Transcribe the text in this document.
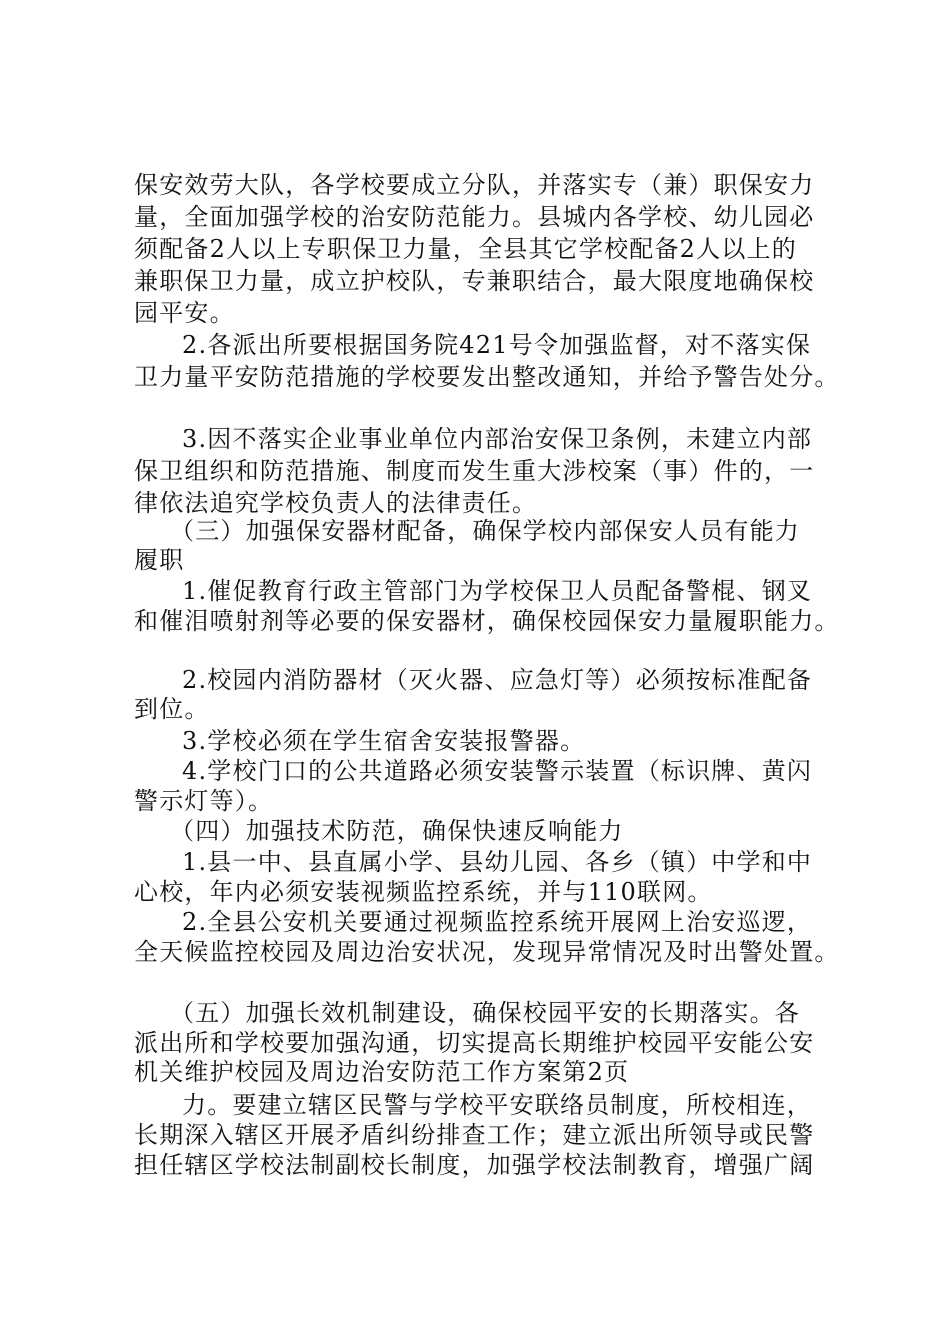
保安效劳大队，各学校要成立分队，并落实专（兼）职保安力
量，全面加强学校的治安防范能力。县城内各学校、幼儿园必
须配备2人以上专职保卫力量，全县其它学校配备2人以上的
兼职保卫力量，成立护校队，专兼职结合，最大限度地确保校
园平安。
2.各派出所要根据国务院421号令加强监督，对不落实保
卫力量平安防范措施的学校要发出整改通知，并给予警告处分。
3.因不落实企业事业单位内部治安保卫条例，未建立内部
保卫组织和防范措施、制度而发生重大涉校案（事）件的，一
律依法追究学校负责人的法律责任。
（三）加强保安器材配备，确保学校内部保安人员有能力
履职
1.催促教育行政主管部门为学校保卫人员配备警棍、钢叉
和催泪喷射剂等必要的保安器材，确保校园保安力量履职能力。
2.校园内消防器材（灭火器、应急灯等）必须按标准配备
到位。
3.学校必须在学生宿舍安装报警器。
4.学校门口的公共道路必须安装警示装置（标识牌、黄闪
警示灯等）。
（四）加强技术防范，确保快速反响能力
1.县一中、县直属小学、县幼儿园、各乡（镇）中学和中
心校，年内必须安装视频监控系统，并与110联网。
2.全县公安机关要通过视频监控系统开展网上治安巡逻，
全天候监控校园及周边治安状况，发现异常情况及时出警处置。
（五）加强长效机制建设，确保校园平安的长期落实。各
派出所和学校要加强沟通，切实提高长期维护校园平安能公安
机关维护校园及周边治安防范工作方案第2页
力。要建立辖区民警与学校平安联络员制度，所校相连，
长期深入辖区开展矛盾纠纷排查工作；建立派出所领导或民警
担任辖区学校法制副校长制度，加强学校法制教育，增强广阔
